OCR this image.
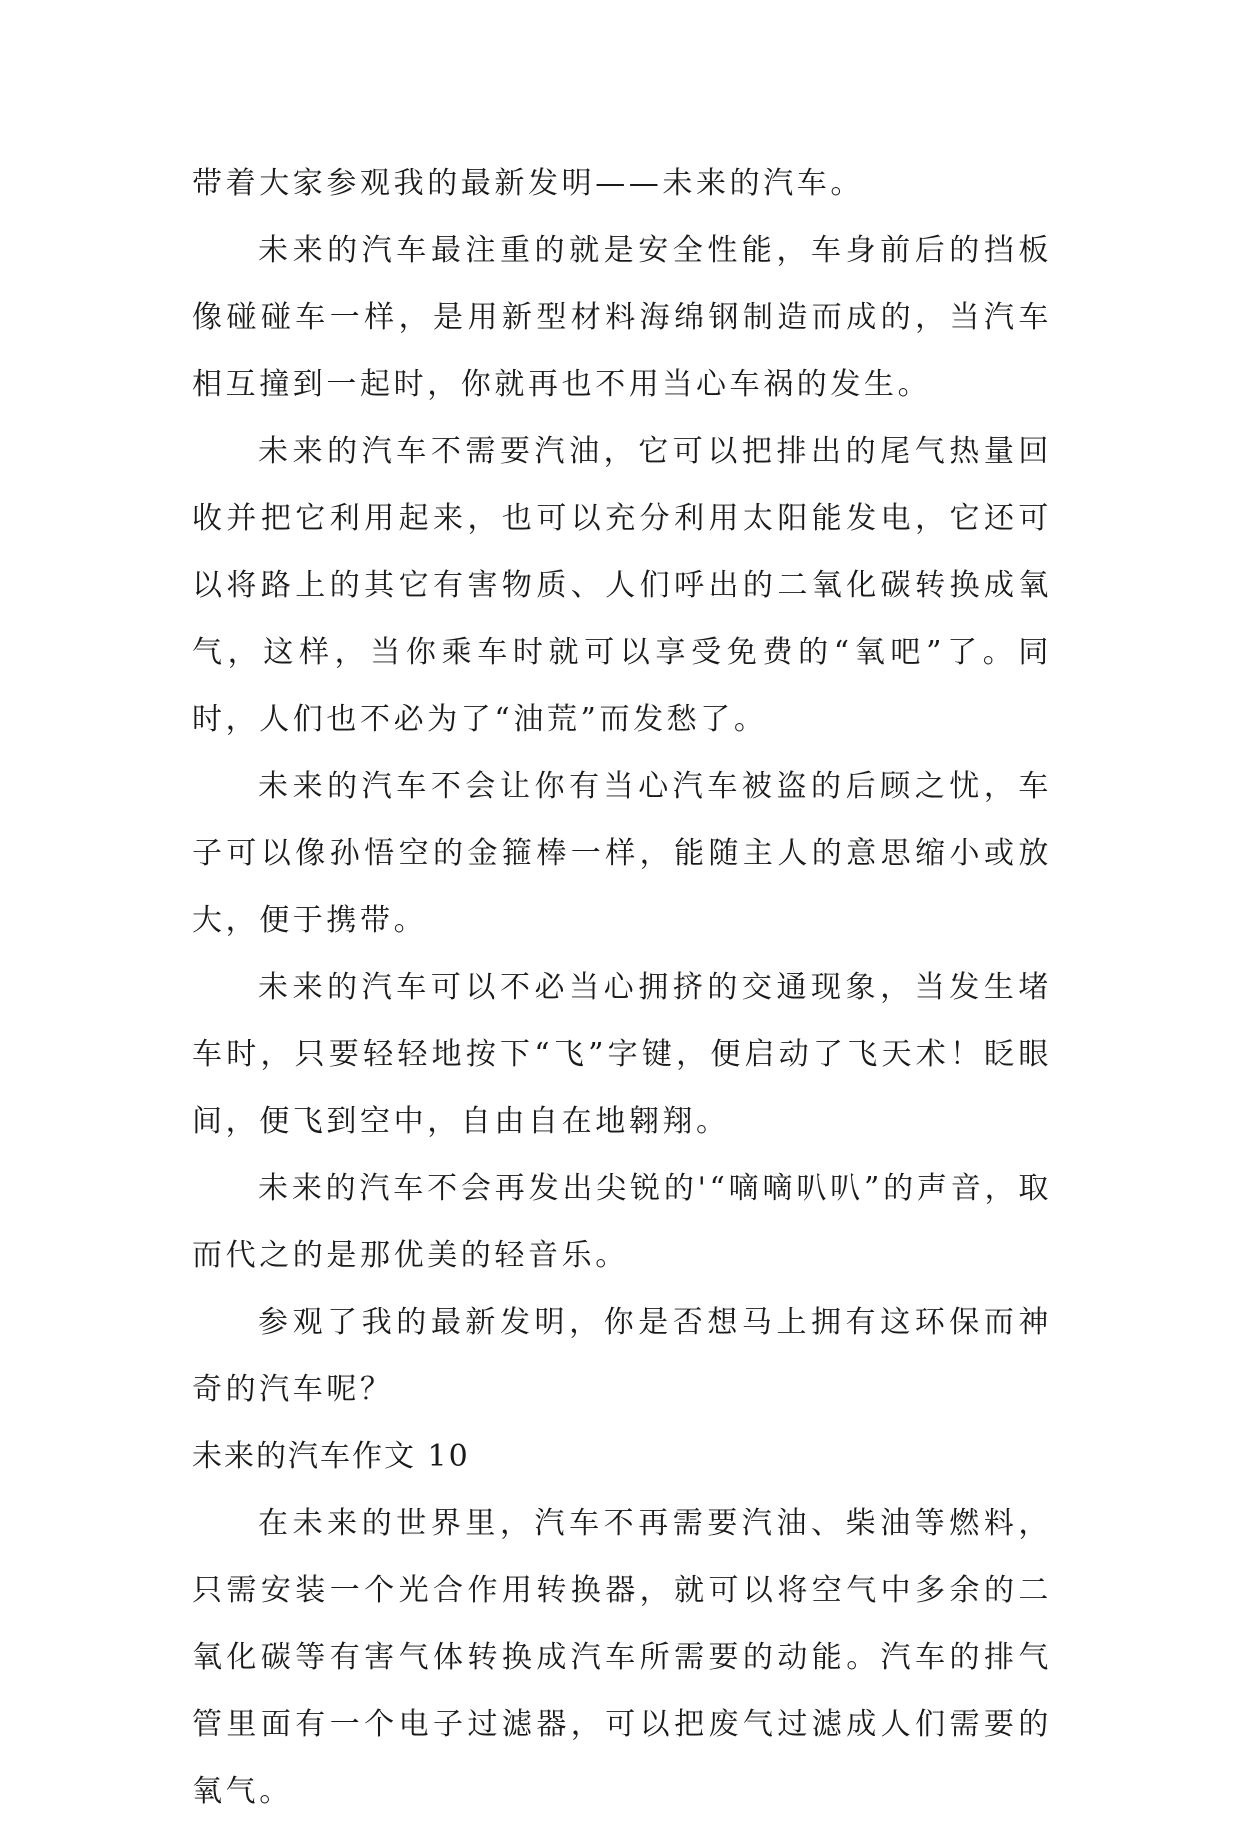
带着大家参观我的最新发明——未来的汽车。

未来的汽车最注重的就是安全性能，车身前后的挡板像碰碰车一样，是用新型材料海绵钢制造而成的，当汽车相互撞到一起时，你就再也不用当心车祸的发生。

未来的汽车不需要汽油，它可以把排出的尾气热量回收并把它利用起来，也可以充分利用太阳能发电，它还可以将路上的其它有害物质、人们呼出的二氧化碳转换成氧气，这样，当你乘车时就可以享受免费的“氧吧”了。同时，人们也不必为了“油荒”而发愁了。

未来的汽车不会让你有当心汽车被盗的后顾之忧，车子可以像孙悟空的金箍棒一样，能随主人的意思缩小或放大，便于携带。

未来的汽车可以不必当心拥挤的交通现象，当发生堵车时，只要轻轻地按下“飞”字键，便启动了飞天术！眨眼间，便飞到空中，自由自在地翱翔。

未来的汽车不会再发出尖锐的'“嘀嘀叭叭”的声音，取而代之的是那优美的轻音乐。

参观了我的最新发明，你是否想马上拥有这环保而神奇的汽车呢？

未来的汽车作文 10

在未来的世界里，汽车不再需要汽油、柴油等燃料，只需安装一个光合作用转换器，就可以将空气中多余的二氧化碳等有害气体转换成汽车所需要的动能。汽车的排气管里面有一个电子过滤器，可以把废气过滤成人们需要的氧气。
